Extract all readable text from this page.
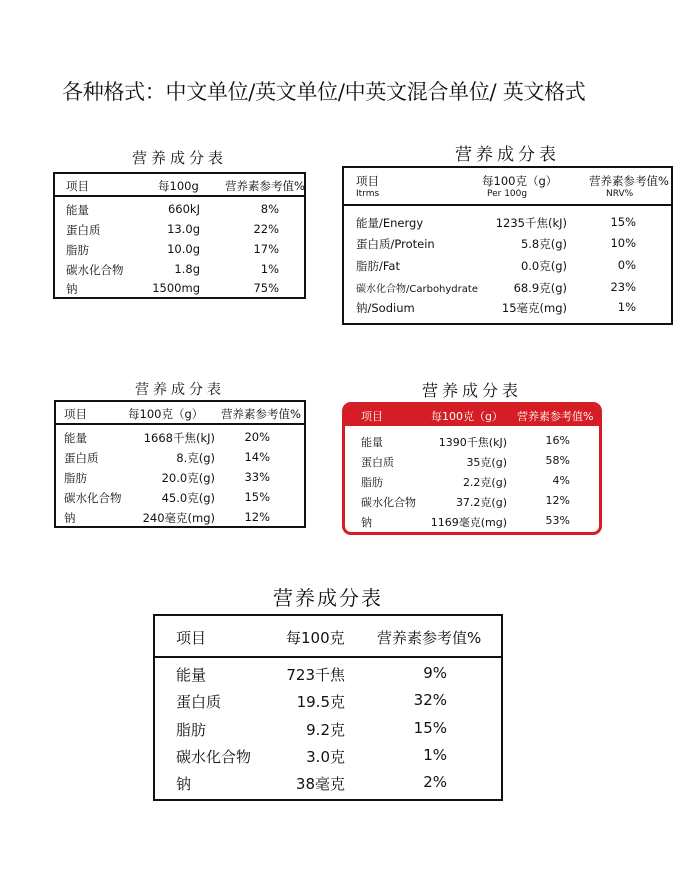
各种格式：中文单位/英文单位/中英文混合单位/ 英文格式
营养成分表
项目	每100g 营养素参考值%
能量	660kJ	8%
蛋白质	13.0g	22%
脂肪	10.0g	17%
碳水化合物	1.8g	1%
钠	1500mg	75%
营养成分表
项目	每100克（g）	营养素参考值%
Itrms	Per 100g	NRV%
能量/Energy	1235千焦(kJ)	15%
蛋白质/Protein	5.8克(g)	10%
脂肪/Fat	0.0克(g)	0%
碳水化合物/Carbohydrate	68.9克(g)	23%
钠/Sodium	15毫克(mg)	1%
营养成分表
项目	每100克（g） 营养素参考值%
能量	1668千焦(kJ)	20%
蛋白质	8.克(g)	14%
脂肪	20.0克(g)	33%
碳水化合物	45.0克(g)	15%
钠	240毫克(mg)	12%
营养成分表
项目	每100克（g） 营养素参考值%
能量	1390千焦(kJ)	16%
蛋白质	35克(g)	58%
脂肪	2.2克(g)	4%
碳水化合物	37.2克(g)	12%
钠	1169毫克(mg)	53%
营养成分表
项目	每100克 营养素参考值%
能量	723千焦	9%
蛋白质	19.5克	32%
脂肪	9.2克	15%
碳水化合物	3.0克	1%
钠	38毫克	2%
